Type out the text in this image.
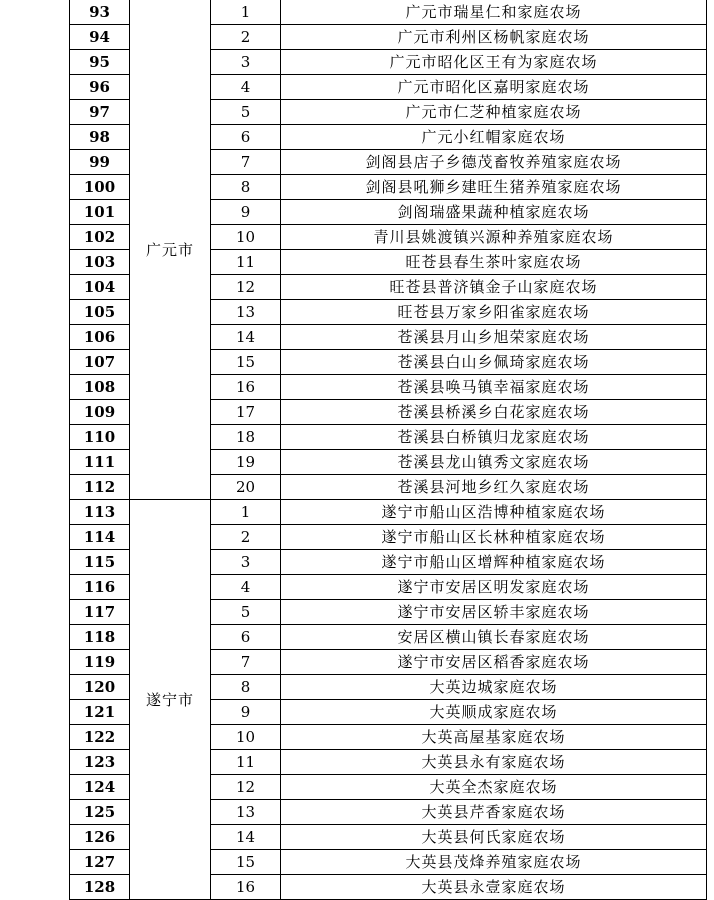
93	广元市	1	广元市瑞星仁和家庭农场
94		2	广元市利州区杨帆家庭农场
95		3	广元市昭化区王有为家庭农场
96		4	广元市昭化区嘉明家庭农场
97		5	广元市仁芝种植家庭农场
98		6	广元小红帽家庭农场
99		7	剑阁县店子乡德茂畜牧养殖家庭农场
100		8	剑阁县吼狮乡建旺生猪养殖家庭农场
101		9	剑阁瑞盛果蔬种植家庭农场
102		10	青川县姚渡镇兴源种养殖家庭农场
103		11	旺苍县春生茶叶家庭农场
104		12	旺苍县普济镇金子山家庭农场
105		13	旺苍县万家乡阳雀家庭农场
106		14	苍溪县月山乡旭荣家庭农场
107		15	苍溪县白山乡佩琦家庭农场
108		16	苍溪县唤马镇幸福家庭农场
109		17	苍溪县桥溪乡白花家庭农场
110		18	苍溪县白桥镇归龙家庭农场
111		19	苍溪县龙山镇秀文家庭农场
112		20	苍溪县河地乡红久家庭农场
113	遂宁市	1	遂宁市船山区浩博种植家庭农场
114		2	遂宁市船山区长林种植家庭农场
115		3	遂宁市船山区增辉种植家庭农场
116		4	遂宁市安居区明发家庭农场
117		5	遂宁市安居区轿丰家庭农场
118		6	安居区横山镇长春家庭农场
119		7	遂宁市安居区稻香家庭农场
120		8	大英边城家庭农场
121		9	大英顺成家庭农场
122		10	大英高屋基家庭农场
123		11	大英县永有家庭农场
124		12	大英全杰家庭农场
125		13	大英县芹香家庭农场
126		14	大英县何氏家庭农场
127		15	大英县茂烽养殖家庭农场
128		16	大英县永壹家庭农场
